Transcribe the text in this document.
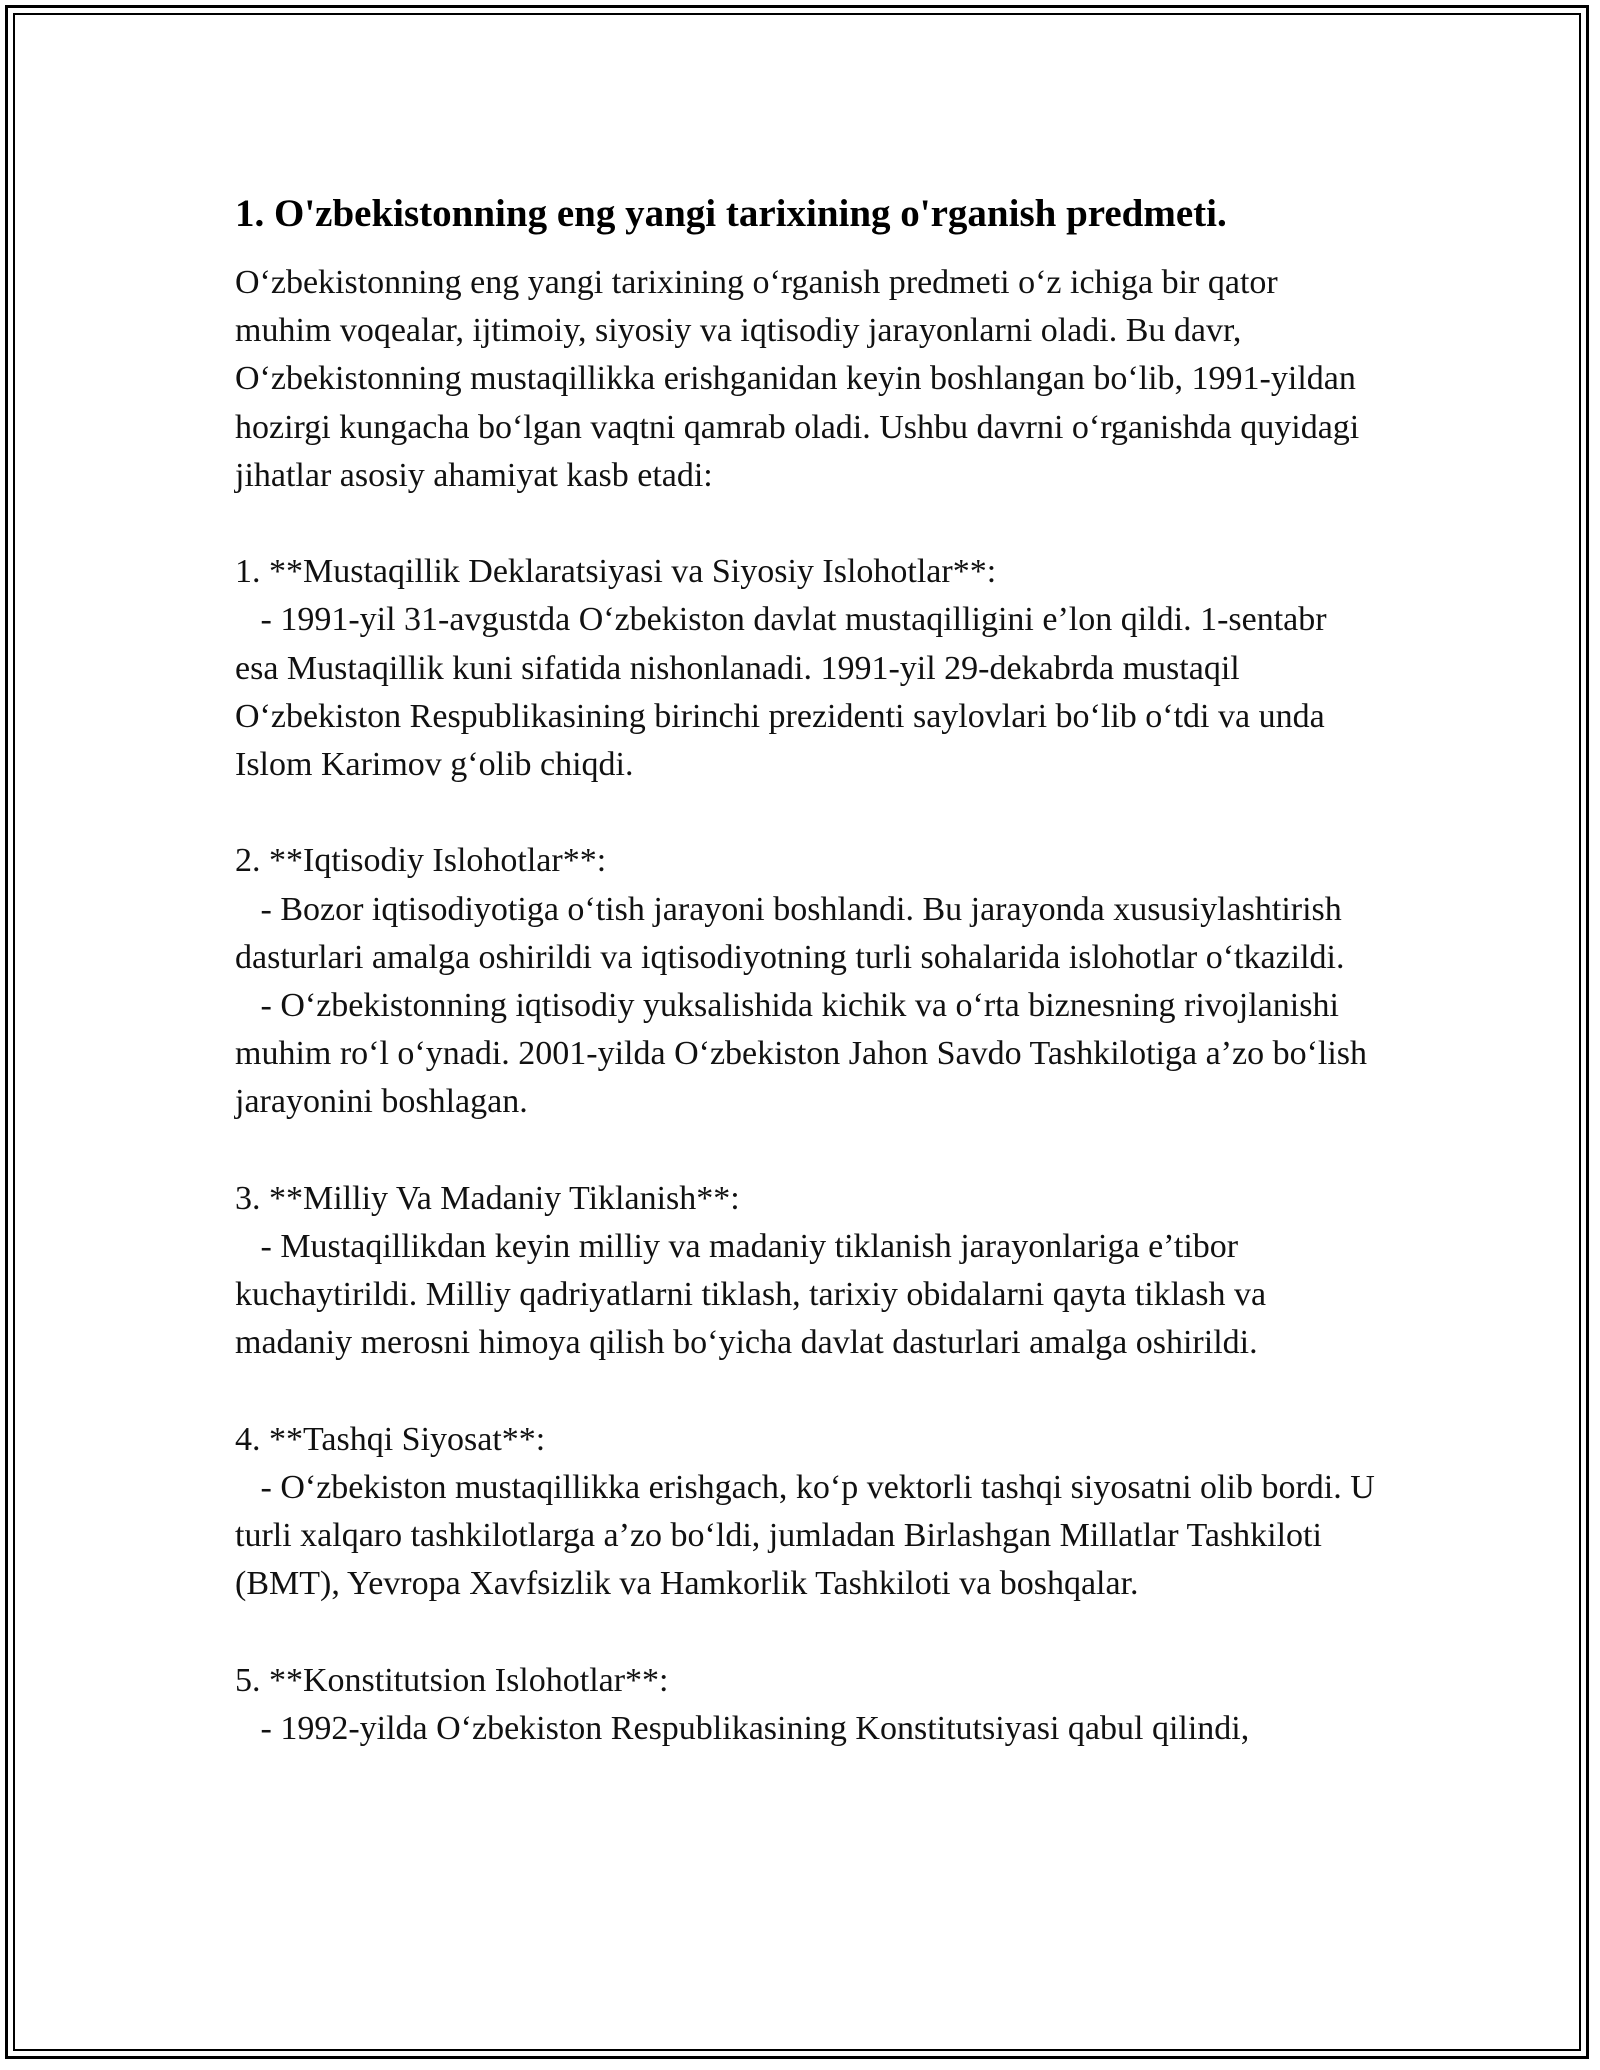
1. O'zbekistonning eng yangi tarixining o'rganish predmeti.

O‘zbekistonning eng yangi tarixining o‘rganish predmeti o‘z ichiga bir qator muhim voqealar, ijtimoiy, siyosiy va iqtisodiy jarayonlarni oladi. Bu davr, O‘zbekistonning mustaqillikka erishganidan keyin boshlangan bo‘lib, 1991-yildan hozirgi kungacha bo‘lgan vaqtni qamrab oladi. Ushbu davrni o‘rganishda quyidagi jihatlar asosiy ahamiyat kasb etadi:

1. **Mustaqillik Deklaratsiyasi va Siyosiy Islohotlar**:

- 1991-yil 31-avgustda O‘zbekiston davlat mustaqilligini e’lon qildi. 1-sentabr esa Mustaqillik kuni sifatida nishonlanadi. 1991-yil 29-dekabrda mustaqil O‘zbekiston Respublikasining birinchi prezidenti saylovlari bo‘lib o‘tdi va unda Islom Karimov g‘olib chiqdi.

2. **Iqtisodiy Islohotlar**:

- Bozor iqtisodiyotiga o‘tish jarayoni boshlandi. Bu jarayonda xususiylashtirish dasturlari amalga oshirildi va iqtisodiyotning turli sohalarida islohotlar o‘tkazildi.
- O‘zbekistonning iqtisodiy yuksalishida kichik va o‘rta biznesning rivojlanishi muhim ro‘l o‘ynadi. 2001-yilda O‘zbekiston Jahon Savdo Tashkilotiga a’zo bo‘lish jarayonini boshlagan.

3. **Milliy Va Madaniy Tiklanish**:

- Mustaqillikdan keyin milliy va madaniy tiklanish jarayonlariga e’tibor kuchaytirildi. Milliy qadriyatlarni tiklash, tarixiy obidalarni qayta tiklash va madaniy merosni himoya qilish bo‘yicha davlat dasturlari amalga oshirildi.

4. **Tashqi Siyosat**:

- O‘zbekiston mustaqillikka erishgach, ko‘p vektorli tashqi siyosatni olib bordi. U turli xalqaro tashkilotlarga a’zo bo‘ldi, jumladan Birlashgan Millatlar Tashkiloti (BMT), Yevropa Xavfsizlik va Hamkorlik Tashkiloti va boshqalar.

5. **Konstitutsion Islohotlar**:

- 1992-yilda O‘zbekiston Respublikasining Konstitutsiyasi qabul qilindi,
